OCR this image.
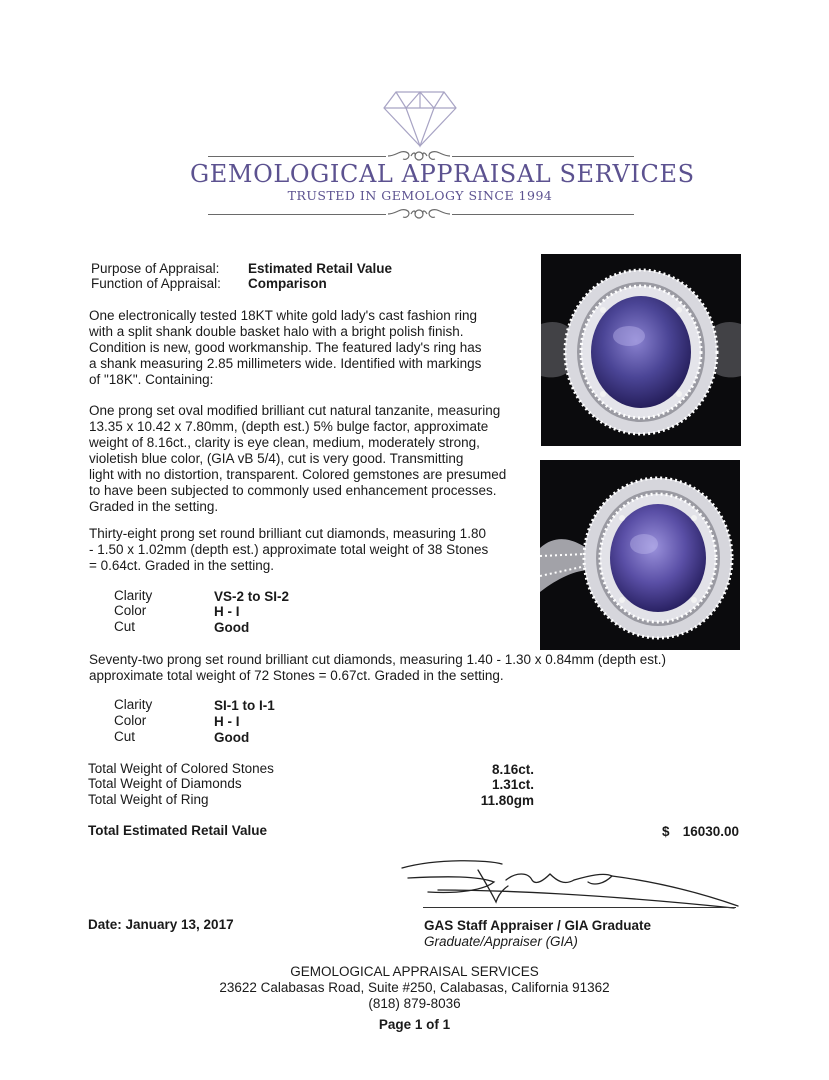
GEMOLOGICAL APPRAISAL SERVICES
TRUSTED IN GEMOLOGY SINCE 1994
Purpose of Appraisal: Estimated Retail Value
Function of Appraisal: Comparison
One electronically tested 18KT white gold lady's cast fashion ring
with a split shank double basket halo with a bright polish finish.
Condition is new, good workmanship. The featured lady's ring has
a shank measuring 2.85 millimeters wide. Identified with markings
of "18K". Containing:
One prong set oval modified brilliant cut natural tanzanite, measuring
13.35 x 10.42 x 7.80mm, (depth est.) 5% bulge factor, approximate
weight of 8.16ct., clarity is eye clean, medium, moderately strong,
violetish blue color, (GIA vB 5/4), cut is very good. Transmitting
light with no distortion, transparent. Colored gemstones are presumed
to have been subjected to commonly used enhancement processes.
Graded in the setting.
Thirty-eight prong set round brilliant cut diamonds, measuring 1.80
- 1.50 x 1.02mm (depth est.) approximate total weight of 38 Stones
= 0.64ct. Graded in the setting.
Clarity	VS-2 to SI-2
Color	H - I
Cut	Good
Seventy-two prong set round brilliant cut diamonds, measuring 1.40 - 1.30 x 0.84mm (depth est.)
approximate total weight of 72 Stones = 0.67ct. Graded in the setting.
Clarity	SI-1 to I-1
Color	H - I
Cut	Good
Total Weight of Colored Stones	8.16ct.
Total Weight of Diamonds	1.31ct.
Total Weight of Ring	11.80gm
Total Estimated Retail Value	$ 16030.00
Date: January 13, 2017	GAS Staff Appraiser / GIA Graduate
Graduate/Appraiser (GIA)
GEMOLOGICAL APPRAISAL SERVICES
23622 Calabasas Road, Suite #250, Calabasas, California 91362
(818) 879-8036
Page 1 of 1
